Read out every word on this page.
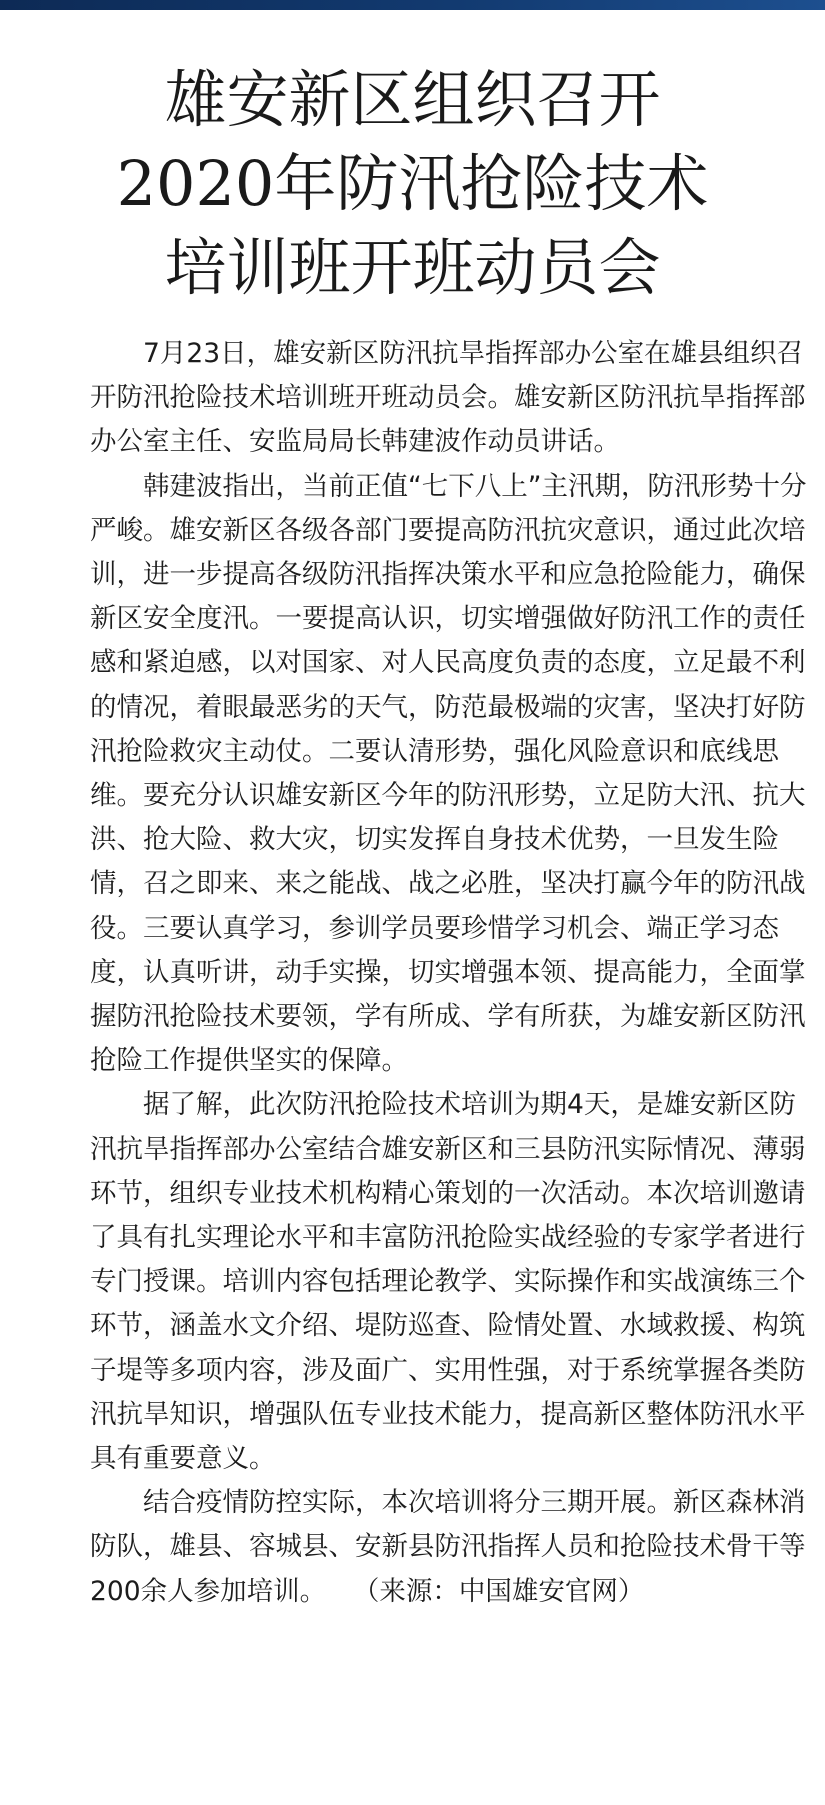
雄安新区组织召开
2020年防汛抢险技术
培训班开班动员会

7月23日，雄安新区防汛抗旱指挥部办公室在雄县组织召开防汛抢险技术培训班开班动员会。雄安新区防汛抗旱指挥部办公室主任、安监局局长韩建波作动员讲话。

韩建波指出，当前正值“七下八上”主汛期，防汛形势十分严峻。雄安新区各级各部门要提高防汛抗灾意识，通过此次培训，进一步提高各级防汛指挥决策水平和应急抢险能力，确保新区安全度汛。一要提高认识，切实增强做好防汛工作的责任感和紧迫感，以对国家、对人民高度负责的态度，立足最不利的情况，着眼最恶劣的天气，防范最极端的灾害，坚决打好防汛抢险救灾主动仗。二要认清形势，强化风险意识和底线思维。要充分认识雄安新区今年的防汛形势，立足防大汛、抗大洪、抢大险、救大灾，切实发挥自身技术优势，一旦发生险情，召之即来、来之能战、战之必胜，坚决打赢今年的防汛战役。三要认真学习，参训学员要珍惜学习机会、端正学习态度，认真听讲，动手实操，切实增强本领、提高能力，全面掌握防汛抢险技术要领，学有所成、学有所获，为雄安新区防汛抢险工作提供坚实的保障。

据了解，此次防汛抢险技术培训为期4天，是雄安新区防汛抗旱指挥部办公室结合雄安新区和三县防汛实际情况、薄弱环节，组织专业技术机构精心策划的一次活动。本次培训邀请了具有扎实理论水平和丰富防汛抢险实战经验的专家学者进行专门授课。培训内容包括理论教学、实际操作和实战演练三个环节，涵盖水文介绍、堤防巡查、险情处置、水域救援、构筑子堤等多项内容，涉及面广、实用性强，对于系统掌握各类防汛抗旱知识，增强队伍专业技术能力，提高新区整体防汛水平具有重要意义。

结合疫情防控实际，本次培训将分三期开展。新区森林消防队，雄县、容城县、安新县防汛指挥人员和抢险技术骨干等200余人参加培训。 （来源：中国雄安官网）
